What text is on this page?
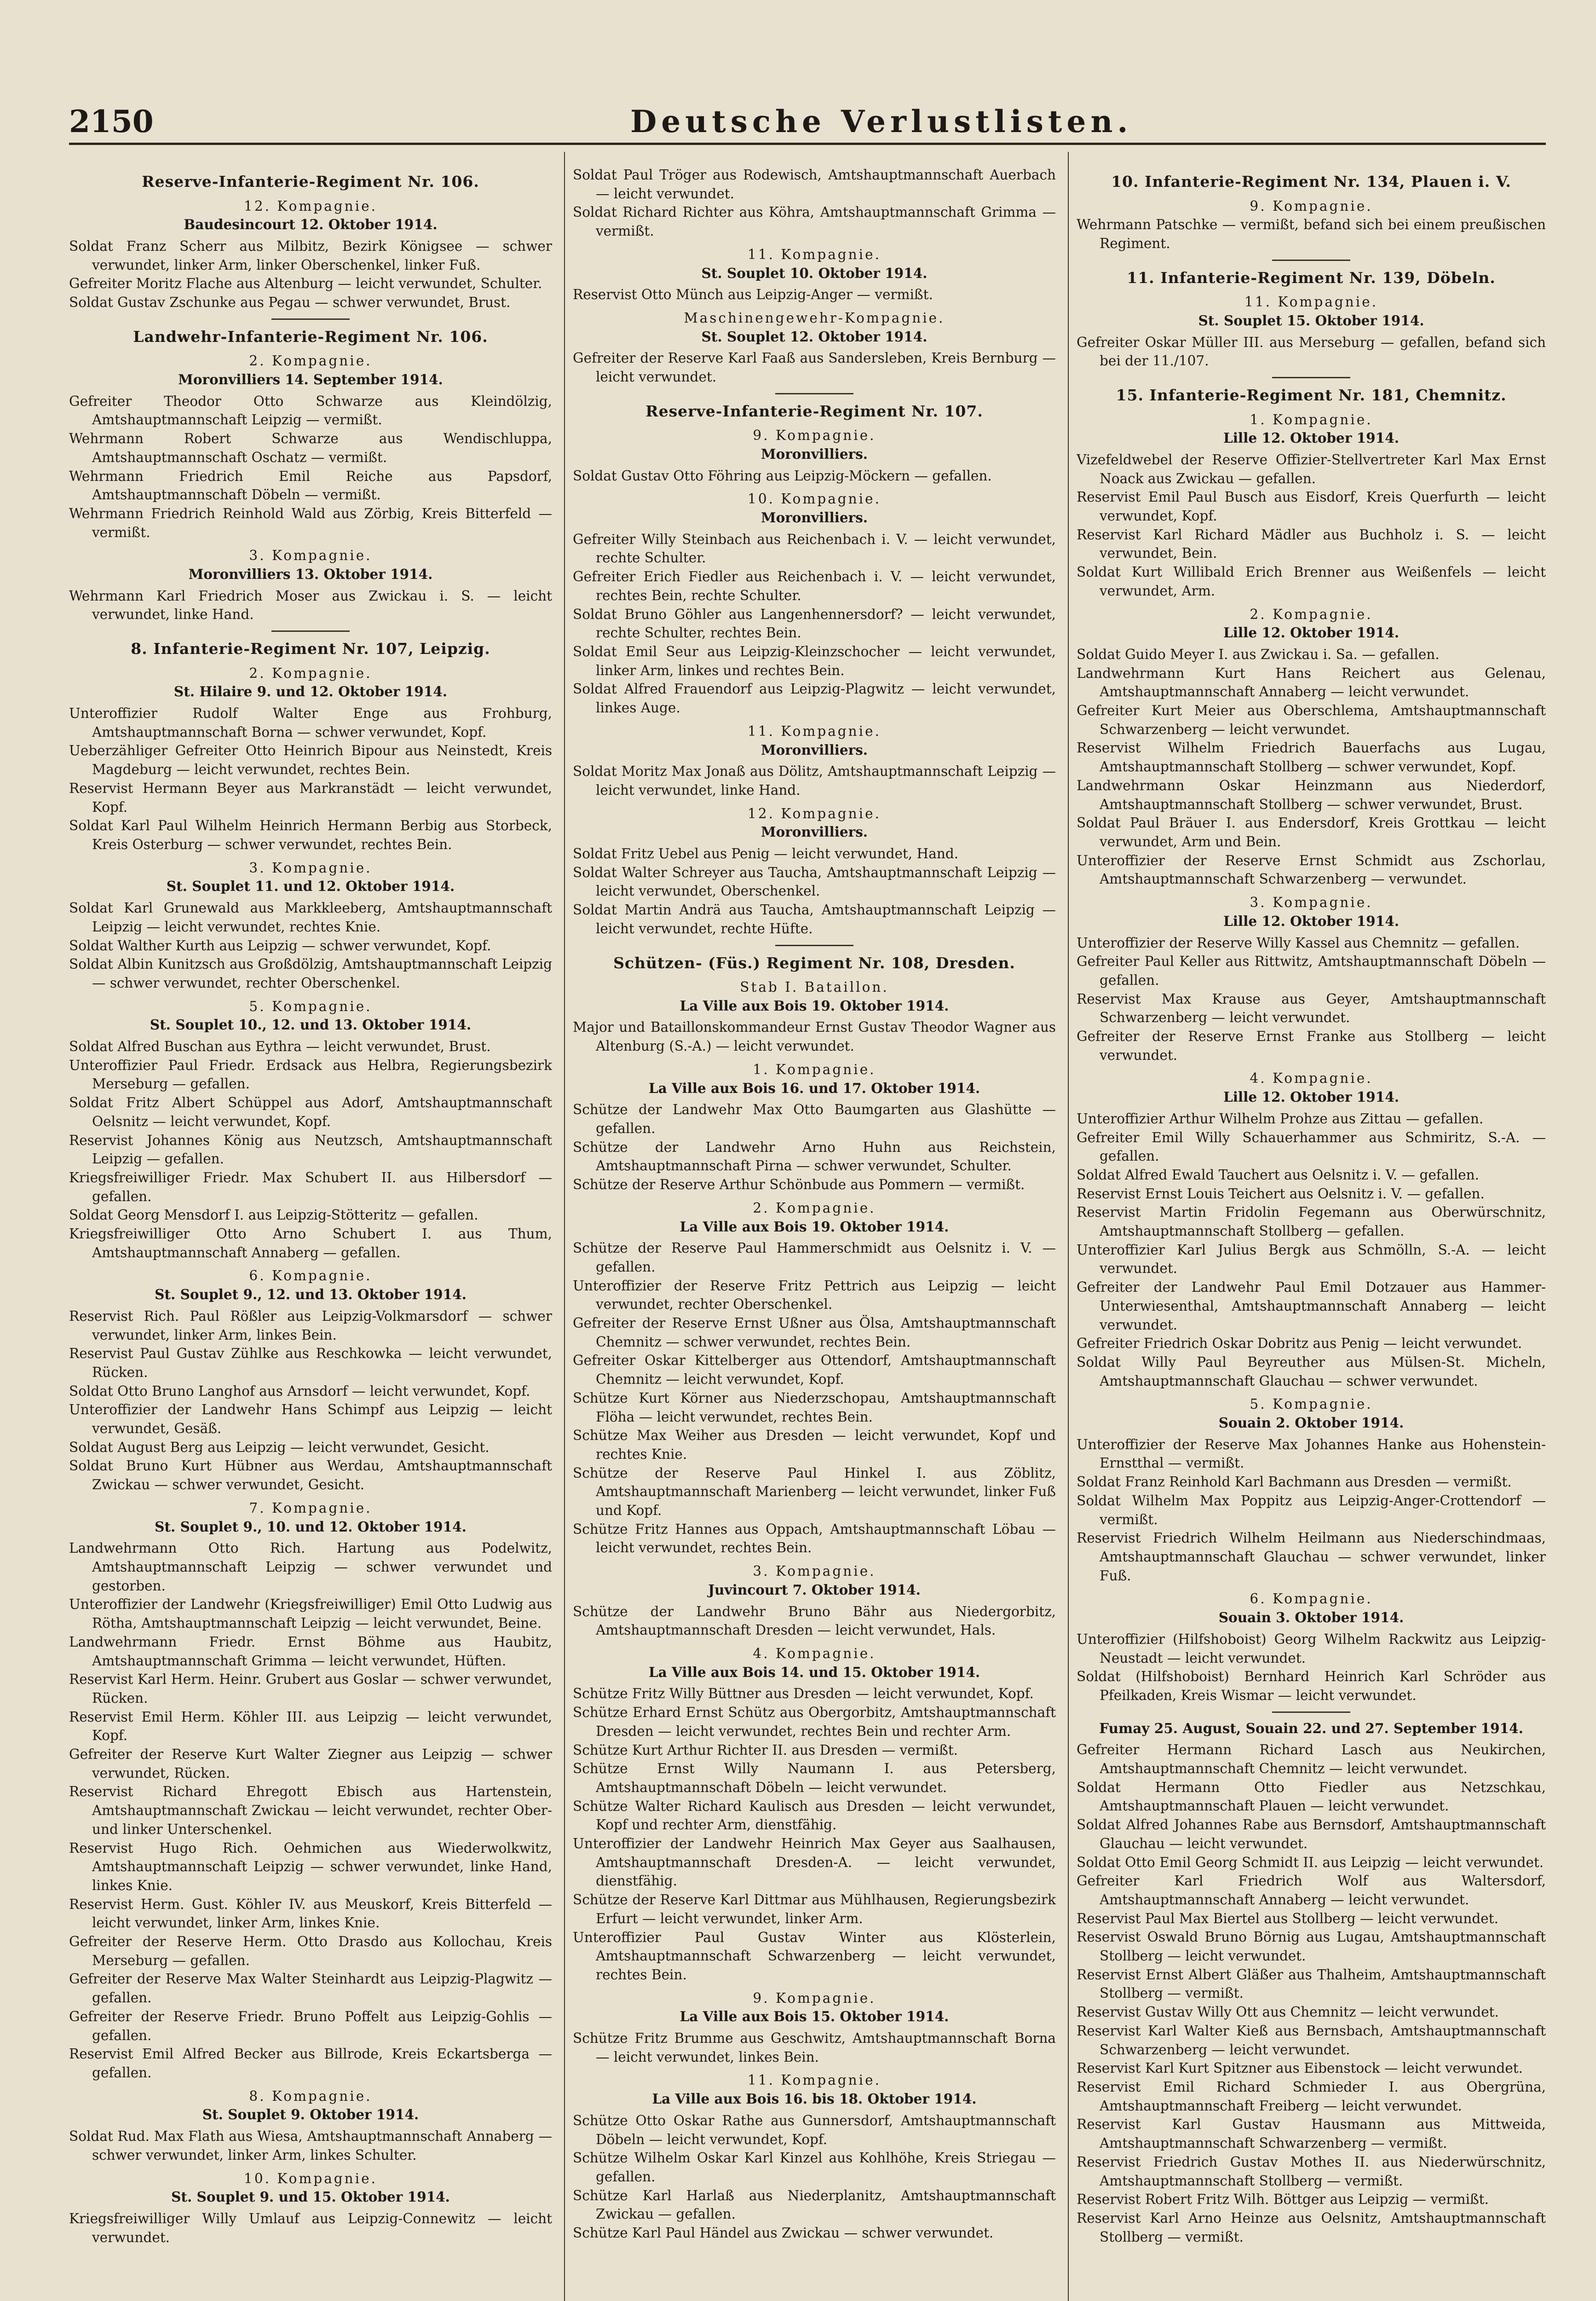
2150	Deutsche Verlustlisten.
Reserve-Infanterie-Regiment Nr. 106.
12. Kompagnie.
Baudesincourt 12. Oktober 1914.
Soldat Franz Scherr aus Milbitz, Bezirk Königsee — schwer verwundet, linker Arm, linker Oberschenkel, linker Fuß.
Gefreiter Moritz Flache aus Altenburg — leicht verwundet, Schulter.
Soldat Gustav Zschunke aus Pegau — schwer verwundet, Brust.
Landwehr-Infanterie-Regiment Nr. 106.
2. Kompagnie.
Moronvilliers 14. September 1914.
Gefreiter Theodor Otto Schwarze aus Kleindölzig, Amtshauptmannschaft Leipzig — vermißt.
Wehrmann Robert Schwarze aus Wendischluppa, Amtshauptmannschaft Oschatz — vermißt.
Wehrmann Friedrich Emil Reiche aus Papsdorf, Amtshauptmannschaft Döbeln — vermißt.
Wehrmann Friedrich Reinhold Wald aus Zörbig, Kreis Bitterfeld — vermißt.
3. Kompagnie.
Moronvilliers 13. Oktober 1914.
Wehrmann Karl Friedrich Moser aus Zwickau i. S. — leicht verwundet, linke Hand.
8. Infanterie-Regiment Nr. 107, Leipzig.
2. Kompagnie.
St. Hilaire 9. und 12. Oktober 1914.
Unteroffizier Rudolf Walter Enge aus Frohburg, Amtshauptmannschaft Borna — schwer verwundet, Kopf.
Ueberzähliger Gefreiter Otto Heinrich Bipour aus Neinstedt, Kreis Magdeburg — leicht verwundet, rechtes Bein.
Reservist Hermann Beyer aus Markranstädt — leicht verwundet, Kopf.
Soldat Karl Paul Wilhelm Heinrich Hermann Berbig aus Storbeck, Kreis Osterburg — schwer verwundet, rechtes Bein.
3. Kompagnie.
St. Souplet 11. und 12. Oktober 1914.
Soldat Karl Grunewald aus Markkleeberg, Amtshauptmannschaft Leipzig — leicht verwundet, rechtes Knie.
Soldat Walther Kurth aus Leipzig — schwer verwundet, Kopf.
Soldat Albin Kunitzsch aus Großdölzig, Amtshauptmannschaft Leipzig — schwer verwundet, rechter Oberschenkel.
5. Kompagnie.
St. Souplet 10., 12. und 13. Oktober 1914.
Soldat Alfred Buschan aus Eythra — leicht verwundet, Brust.
Unteroffizier Paul Friedr. Erdsack aus Helbra, Regierungsbezirk Merseburg — gefallen.
Soldat Fritz Albert Schüppel aus Adorf, Amtshauptmannschaft Oelsnitz — leicht verwundet, Kopf.
Reservist Johannes König aus Neutzsch, Amtshauptmannschaft Leipzig — gefallen.
Kriegsfreiwilliger Friedr. Max Schubert II. aus Hilbersdorf — gefallen.
Soldat Georg Mensdorf I. aus Leipzig-Stötteritz — gefallen.
Kriegsfreiwilliger Otto Arno Schubert I. aus Thum, Amtshauptmannschaft Annaberg — gefallen.
6. Kompagnie.
St. Souplet 9., 12. und 13. Oktober 1914.
Reservist Rich. Paul Rößler aus Leipzig-Volkmarsdorf — schwer verwundet, linker Arm, linkes Bein.
Reservist Paul Gustav Zühlke aus Reschkowka — leicht verwundet, Rücken.
Soldat Otto Bruno Langhof aus Arnsdorf — leicht verwundet, Kopf.
Unteroffizier der Landwehr Hans Schimpf aus Leipzig — leicht verwundet, Gesäß.
Soldat August Berg aus Leipzig — leicht verwundet, Gesicht.
Soldat Bruno Kurt Hübner aus Werdau, Amtshauptmannschaft Zwickau — schwer verwundet, Gesicht.
7. Kompagnie.
St. Souplet 9., 10. und 12. Oktober 1914.
Landwehrmann Otto Rich. Hartung aus Podelwitz, Amtshauptmannschaft Leipzig — schwer verwundet und gestorben.
Unteroffizier der Landwehr (Kriegsfreiwilliger) Emil Otto Ludwig aus Rötha, Amtshauptmannschaft Leipzig — leicht verwundet, Beine.
Landwehrmann Friedr. Ernst Böhme aus Haubitz, Amtshauptmannschaft Grimma — leicht verwundet, Hüften.
Reservist Karl Herm. Heinr. Grubert aus Goslar — schwer verwundet, Rücken.
Reservist Emil Herm. Köhler III. aus Leipzig — leicht verwundet, Kopf.
Gefreiter der Reserve Kurt Walter Ziegner aus Leipzig — schwer verwundet, Rücken.
Reservist Richard Ehregott Ebisch aus Hartenstein, Amtshauptmannschaft Zwickau — leicht verwundet, rechter Ober- und linker Unterschenkel.
Reservist Hugo Rich. Oehmichen aus Wiederwolkwitz, Amtshauptmannschaft Leipzig — schwer verwundet, linke Hand, linkes Knie.
Reservist Herm. Gust. Köhler IV. aus Meuskorf, Kreis Bitterfeld — leicht verwundet, linker Arm, linkes Knie.
Gefreiter der Reserve Herm. Otto Drasdo aus Kollochau, Kreis Merseburg — gefallen.
Gefreiter der Reserve Max Walter Steinhardt aus Leipzig-Plagwitz — gefallen.
Gefreiter der Reserve Friedr. Bruno Poffelt aus Leipzig-Gohlis — gefallen.
Reservist Emil Alfred Becker aus Billrode, Kreis Eckartsberga — gefallen.
8. Kompagnie.
St. Souplet 9. Oktober 1914.
Soldat Rud. Max Flath aus Wiesa, Amtshauptmannschaft Annaberg — schwer verwundet, linker Arm, linkes Schulter.
10. Kompagnie.
St. Souplet 9. und 15. Oktober 1914.
Kriegsfreiwilliger Willy Umlauf aus Leipzig-Connewitz — leicht verwundet.
Soldat Paul Tröger aus Rodewisch, Amtshauptmannschaft Auerbach — leicht verwundet.
Soldat Richard Richter aus Köhra, Amtshauptmannschaft Grimma — vermißt.
11. Kompagnie.
St. Souplet 10. Oktober 1914.
Reservist Otto Münch aus Leipzig-Anger — vermißt.
Maschinengewehr-Kompagnie.
St. Souplet 12. Oktober 1914.
Gefreiter der Reserve Karl Faaß aus Sandersleben, Kreis Bernburg — leicht verwundet.
Reserve-Infanterie-Regiment Nr. 107.
9. Kompagnie.
Moronvilliers.
Soldat Gustav Otto Föhring aus Leipzig-Möckern — gefallen.
10. Kompagnie.
Moronvilliers.
Gefreiter Willy Steinbach aus Reichenbach i. V. — leicht verwundet, rechte Schulter.
Gefreiter Erich Fiedler aus Reichenbach i. V. — leicht verwundet, rechtes Bein, rechte Schulter.
Soldat Bruno Göhler aus Langenhennersdorf? — leicht verwundet, rechte Schulter, rechtes Bein.
Soldat Emil Seur aus Leipzig-Kleinzschocher — leicht verwundet, linker Arm, linkes und rechtes Bein.
Soldat Alfred Frauendorf aus Leipzig-Plagwitz — leicht verwundet, linkes Auge.
11. Kompagnie.
Moronvilliers.
Soldat Moritz Max Jonaß aus Dölitz, Amtshauptmannschaft Leipzig — leicht verwundet, linke Hand.
12. Kompagnie.
Moronvilliers.
Soldat Fritz Uebel aus Penig — leicht verwundet, Hand.
Soldat Walter Schreyer aus Taucha, Amtshauptmannschaft Leipzig — leicht verwundet, Oberschenkel.
Soldat Martin Andrä aus Taucha, Amtshauptmannschaft Leipzig — leicht verwundet, rechte Hüfte.
Schützen- (Füs.) Regiment Nr. 108, Dresden.
Stab I. Bataillon.
La Ville aux Bois 19. Oktober 1914.
Major und Bataillonskommandeur Ernst Gustav Theodor Wagner aus Altenburg (S.-A.) — leicht verwundet.
1. Kompagnie.
La Ville aux Bois 16. und 17. Oktober 1914.
Schütze der Landwehr Max Otto Baumgarten aus Glashütte — gefallen.
Schütze der Landwehr Arno Huhn aus Reichstein, Amtshauptmannschaft Pirna — schwer verwundet, Schulter.
Schütze der Reserve Arthur Schönbude aus Pommern — vermißt.
2. Kompagnie.
La Ville aux Bois 19. Oktober 1914.
Schütze der Reserve Paul Hammerschmidt aus Oelsnitz i. V. — gefallen.
Unteroffizier der Reserve Fritz Pettrich aus Leipzig — leicht verwundet, rechter Oberschenkel.
Gefreiter der Reserve Ernst Ußner aus Ölsa, Amtshauptmannschaft Chemnitz — schwer verwundet, rechtes Bein.
Gefreiter Oskar Kittelberger aus Ottendorf, Amtshauptmannschaft Chemnitz — leicht verwundet, Kopf.
Schütze Kurt Körner aus Niederzschopau, Amtshauptmannschaft Flöha — leicht verwundet, rechtes Bein.
Schütze Max Weiher aus Dresden — leicht verwundet, Kopf und rechtes Knie.
Schütze der Reserve Paul Hinkel I. aus Zöblitz, Amtshauptmannschaft Marienberg — leicht verwundet, linker Fuß und Kopf.
Schütze Fritz Hannes aus Oppach, Amtshauptmannschaft Löbau — leicht verwundet, rechtes Bein.
3. Kompagnie.
Juvincourt 7. Oktober 1914.
Schütze der Landwehr Bruno Bähr aus Niedergorbitz, Amtshauptmannschaft Dresden — leicht verwundet, Hals.
4. Kompagnie.
La Ville aux Bois 14. und 15. Oktober 1914.
Schütze Fritz Willy Büttner aus Dresden — leicht verwundet, Kopf.
Schütze Erhard Ernst Schütz aus Obergorbitz, Amtshauptmannschaft Dresden — leicht verwundet, rechtes Bein und rechter Arm.
Schütze Kurt Arthur Richter II. aus Dresden — vermißt.
Schütze Ernst Willy Naumann I. aus Petersberg, Amtshauptmannschaft Döbeln — leicht verwundet.
Schütze Walter Richard Kaulisch aus Dresden — leicht verwundet, Kopf und rechter Arm, dienstfähig.
Unteroffizier der Landwehr Heinrich Max Geyer aus Saalhausen, Amtshauptmannschaft Dresden-A. — leicht verwundet, dienstfähig.
Schütze der Reserve Karl Dittmar aus Mühlhausen, Regierungsbezirk Erfurt — leicht verwundet, linker Arm.
Unteroffizier Paul Gustav Winter aus Klösterlein, Amtshauptmannschaft Schwarzenberg — leicht verwundet, rechtes Bein.
9. Kompagnie.
La Ville aux Bois 15. Oktober 1914.
Schütze Fritz Brumme aus Geschwitz, Amtshauptmannschaft Borna — leicht verwundet, linkes Bein.
11. Kompagnie.
La Ville aux Bois 16. bis 18. Oktober 1914.
Schütze Otto Oskar Rathe aus Gunnersdorf, Amtshauptmannschaft Döbeln — leicht verwundet, Kopf.
Schütze Wilhelm Oskar Karl Kinzel aus Kohlhöhe, Kreis Striegau — gefallen.
Schütze Karl Harlaß aus Niederplanitz, Amtshauptmannschaft Zwickau — gefallen.
Schütze Karl Paul Händel aus Zwickau — schwer verwundet.
10. Infanterie-Regiment Nr. 134, Plauen i. V.
9. Kompagnie.
Wehrmann Patschke — vermißt, befand sich bei einem preußischen Regiment.
11. Infanterie-Regiment Nr. 139, Döbeln.
11. Kompagnie.
St. Souplet 15. Oktober 1914.
Gefreiter Oskar Müller III. aus Merseburg — gefallen, befand sich bei der 11./107.
15. Infanterie-Regiment Nr. 181, Chemnitz.
1. Kompagnie.
Lille 12. Oktober 1914.
Vizefeldwebel der Reserve Offizier-Stellvertreter Karl Max Ernst Noack aus Zwickau — gefallen.
Reservist Emil Paul Busch aus Eisdorf, Kreis Querfurth — leicht verwundet, Kopf.
Reservist Karl Richard Mädler aus Buchholz i. S. — leicht verwundet, Bein.
Soldat Kurt Willibald Erich Brenner aus Weißenfels — leicht verwundet, Arm.
2. Kompagnie.
Lille 12. Oktober 1914.
Soldat Guido Meyer I. aus Zwickau i. Sa. — gefallen.
Landwehrmann Kurt Hans Reichert aus Gelenau, Amtshauptmannschaft Annaberg — leicht verwundet.
Gefreiter Kurt Meier aus Oberschlema, Amtshauptmannschaft Schwarzenberg — leicht verwundet.
Reservist Wilhelm Friedrich Bauerfachs aus Lugau, Amtshauptmannschaft Stollberg — schwer verwundet, Kopf.
Landwehrmann Oskar Heinzmann aus Niederdorf, Amtshauptmannschaft Stollberg — schwer verwundet, Brust.
Soldat Paul Bräuer I. aus Endersdorf, Kreis Grottkau — leicht verwundet, Arm und Bein.
Unteroffizier der Reserve Ernst Schmidt aus Zschorlau, Amtshauptmannschaft Schwarzenberg — verwundet.
3. Kompagnie.
Lille 12. Oktober 1914.
Unteroffizier der Reserve Willy Kassel aus Chemnitz — gefallen.
Gefreiter Paul Keller aus Rittwitz, Amtshauptmannschaft Döbeln — gefallen.
Reservist Max Krause aus Geyer, Amtshauptmannschaft Schwarzenberg — leicht verwundet.
Gefreiter der Reserve Ernst Franke aus Stollberg — leicht verwundet.
4. Kompagnie.
Lille 12. Oktober 1914.
Unteroffizier Arthur Wilhelm Prohze aus Zittau — gefallen.
Gefreiter Emil Willy Schauerhammer aus Schmiritz, S.-A. — gefallen.
Soldat Alfred Ewald Tauchert aus Oelsnitz i. V. — gefallen.
Reservist Ernst Louis Teichert aus Oelsnitz i. V. — gefallen.
Reservist Martin Fridolin Fegemann aus Oberwürschnitz, Amtshauptmannschaft Stollberg — gefallen.
Unteroffizier Karl Julius Bergk aus Schmölln, S.-A. — leicht verwundet.
Gefreiter der Landwehr Paul Emil Dotzauer aus Hammer-Unterwiesenthal, Amtshauptmannschaft Annaberg — leicht verwundet.
Gefreiter Friedrich Oskar Dobritz aus Penig — leicht verwundet.
Soldat Willy Paul Beyreuther aus Mülsen-St. Micheln, Amtshauptmannschaft Glauchau — schwer verwundet.
5. Kompagnie.
Souain 2. Oktober 1914.
Unteroffizier der Reserve Max Johannes Hanke aus Hohenstein-Ernstthal — vermißt.
Soldat Franz Reinhold Karl Bachmann aus Dresden — vermißt.
Soldat Wilhelm Max Poppitz aus Leipzig-Anger-Crottendorf — vermißt.
Reservist Friedrich Wilhelm Heilmann aus Niederschindmaas, Amtshauptmannschaft Glauchau — schwer verwundet, linker Fuß.
6. Kompagnie.
Souain 3. Oktober 1914.
Unteroffizier (Hilfshoboist) Georg Wilhelm Rackwitz aus Leipzig-Neustadt — leicht verwundet.
Soldat (Hilfshoboist) Bernhard Heinrich Karl Schröder aus Pfeilkaden, Kreis Wismar — leicht verwundet.
Fumay 25. August, Souain 22. und 27. September 1914.
Gefreiter Hermann Richard Lasch aus Neukirchen, Amtshauptmannschaft Chemnitz — leicht verwundet.
Soldat Hermann Otto Fiedler aus Netzschkau, Amtshauptmannschaft Plauen — leicht verwundet.
Soldat Alfred Johannes Rabe aus Bernsdorf, Amtshauptmannschaft Glauchau — leicht verwundet.
Soldat Otto Emil Georg Schmidt II. aus Leipzig — leicht verwundet.
Gefreiter Karl Friedrich Wolf aus Waltersdorf, Amtshauptmannschaft Annaberg — leicht verwundet.
Reservist Paul Max Biertel aus Stollberg — leicht verwundet.
Reservist Oswald Bruno Börnig aus Lugau, Amtshauptmannschaft Stollberg — leicht verwundet.
Reservist Ernst Albert Gläßer aus Thalheim, Amtshauptmannschaft Stollberg — vermißt.
Reservist Gustav Willy Ott aus Chemnitz — leicht verwundet.
Reservist Karl Walter Kieß aus Bernsbach, Amtshauptmannschaft Schwarzenberg — leicht verwundet.
Reservist Karl Kurt Spitzner aus Eibenstock — leicht verwundet.
Reservist Emil Richard Schmieder I. aus Obergrüna, Amtshauptmannschaft Freiberg — leicht verwundet.
Reservist Karl Gustav Hausmann aus Mittweida, Amtshauptmannschaft Schwarzenberg — vermißt.
Reservist Friedrich Gustav Mothes II. aus Niederwürschnitz, Amtshauptmannschaft Stollberg — vermißt.
Reservist Robert Fritz Wilh. Böttger aus Leipzig — vermißt.
Reservist Karl Arno Heinze aus Oelsnitz, Amtshauptmannschaft Stollberg — vermißt.
